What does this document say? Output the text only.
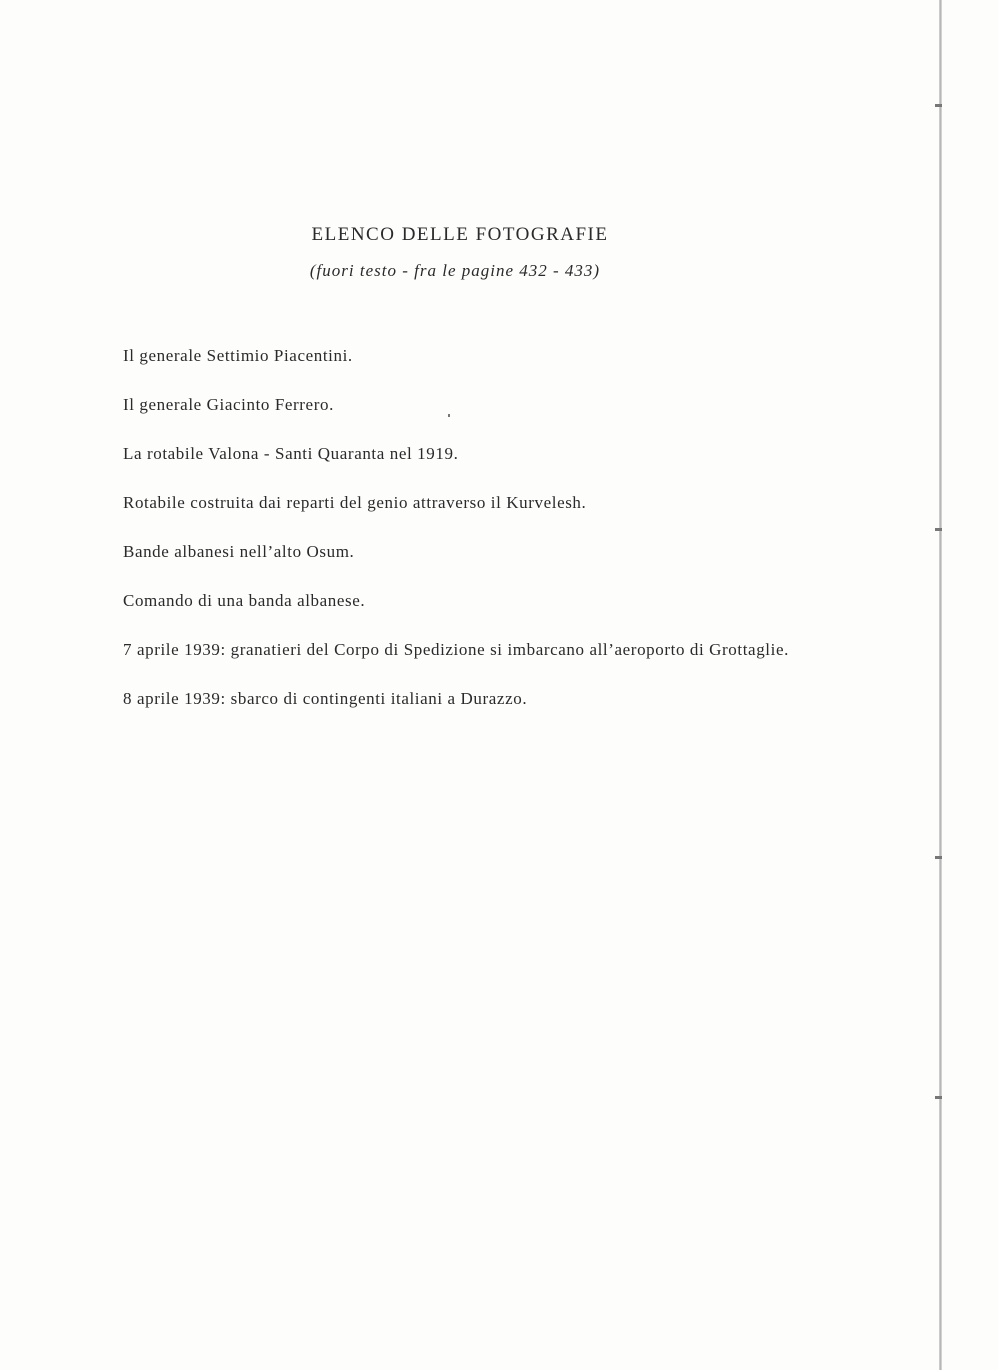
ELENCO DELLE FOTOGRAFIE
(fuori testo - fra le pagine 432 - 433)
Il generale Settimio Piacentini.
Il generale Giacinto Ferrero.
La rotabile Valona - Santi Quaranta nel 1919.
Rotabile costruita dai reparti del genio attraverso il Kurvelesh.
Bande albanesi nell’alto Osum.
Comando di una banda albanese.
7 aprile 1939: granatieri del Corpo di Spedizione si imbarcano all’aeroporto di Grottaglie.
8 aprile 1939: sbarco di contingenti italiani a Durazzo.
